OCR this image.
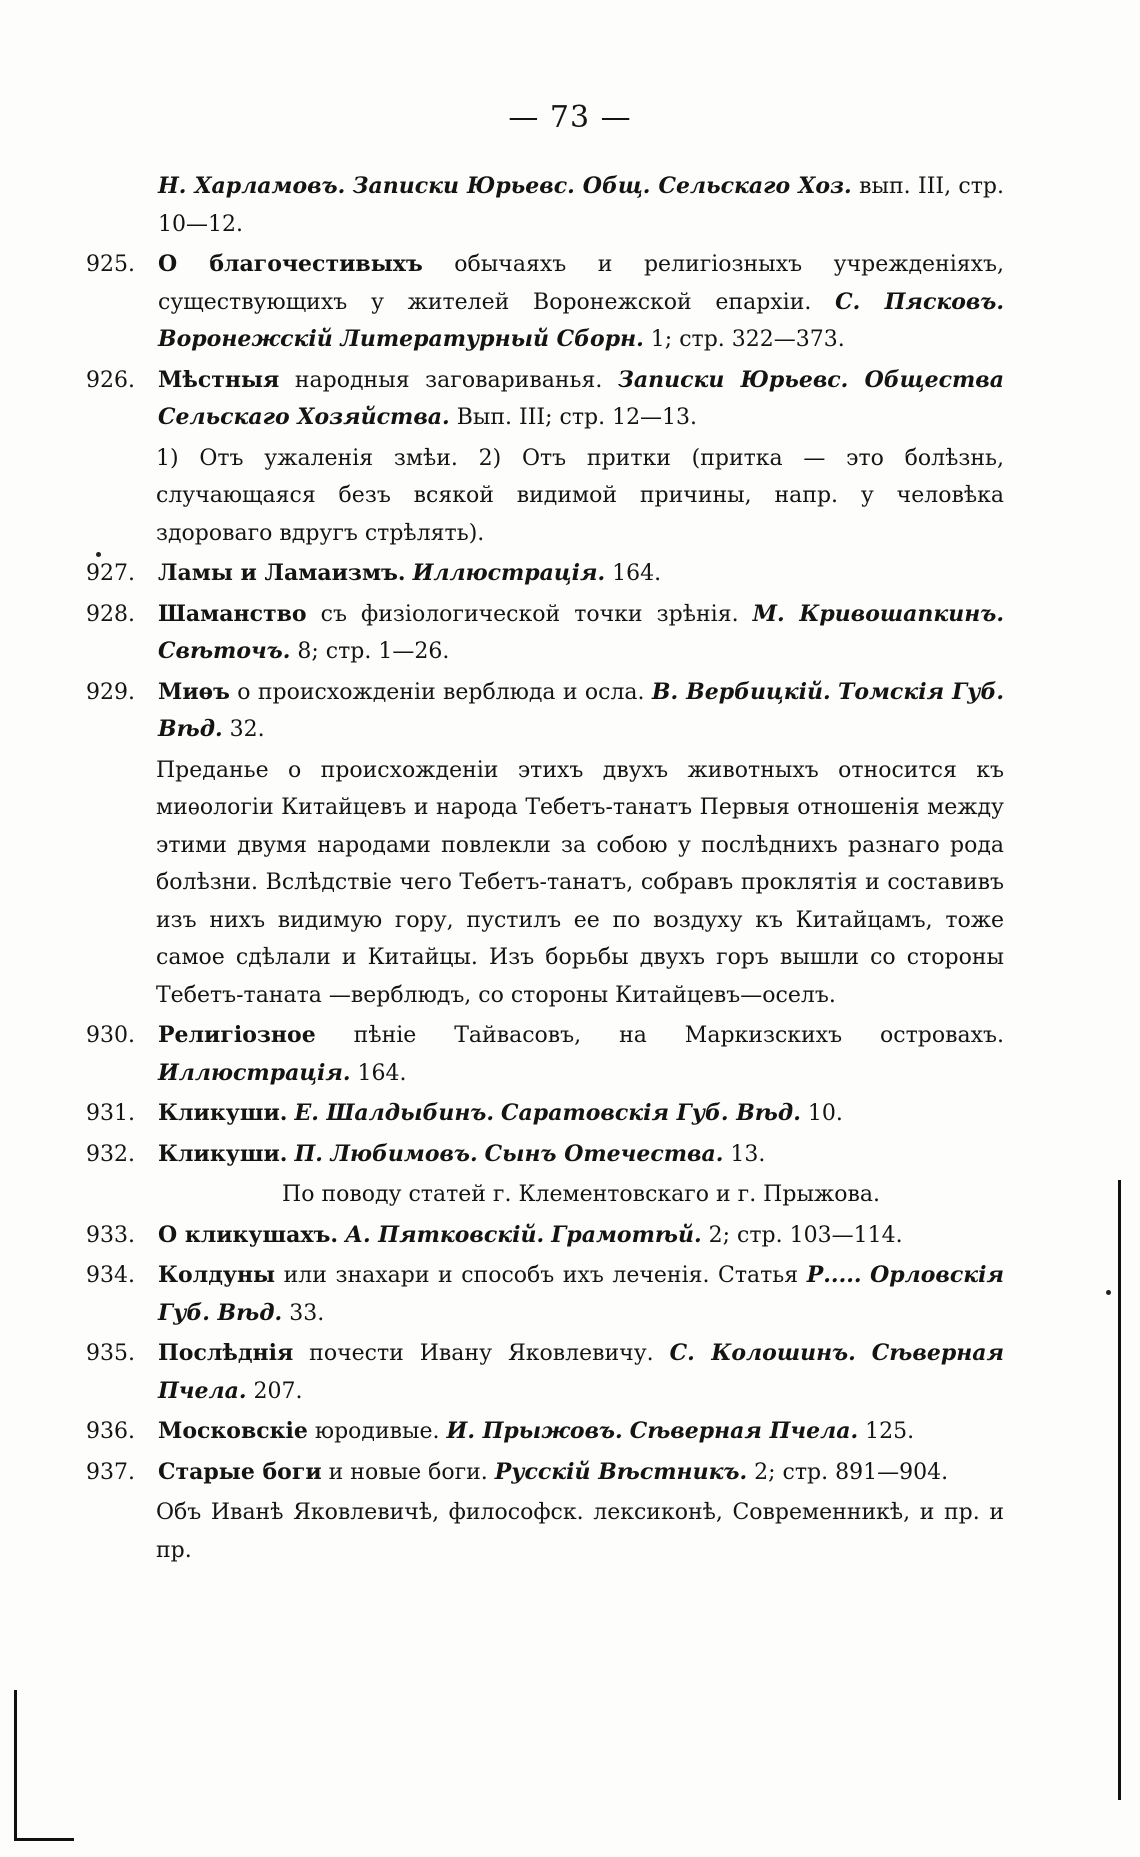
— 73 —
Н. Харламовъ. Записки Юрьевс. Общ. Сельскаго Хоз. вып. III, стр. 10—12.
925.	О благочестивыхъ обычаяхъ и религіозныхъ учрежденіяхъ, существующихъ у жителей Воронежской епархіи. С. Пясковъ. Воронежскій Литературный Сборн. 1; стр. 322—373.
926.	Мѣстныя народныя заговариванья. Записки Юрьевс. Общества Сельскаго Хозяйства. Вып. III; стр. 12—13.
1) Отъ ужаленія змѣи. 2) Отъ притки (притка — это болѣзнь, случающаяся безъ всякой видимой причины, напр. у человѣка здороваго вдругъ стрѣлять).
927.	Ламы и Ламаизмъ. Иллюстрація. 164.
928.	Шаманство съ физіологической точки зрѣнія. М. Кривошапкинъ. Свѣточъ. 8; стр. 1—26.
929.	Миѳъ о происхожденіи верблюда и осла. В. Вербицкій. Томскія Губ. Вѣд. 32.
Преданье о происхожденіи этихъ двухъ животныхъ относится къ миѳологіи Китайцевъ и народа Тебетъ-танатъ Первыя отношенія между этими двумя народами повлекли за собою у послѣднихъ разнаго рода болѣзни. Вслѣдствіе чего Тебетъ-танатъ, собравъ проклятія и составивъ изъ нихъ видимую гору, пустилъ ее по воздуху къ Китайцамъ, тоже самое сдѣлали и Китайцы. Изъ борьбы двухъ горъ вышли со стороны Тебетъ-таната —верблюдъ, со стороны Китайцевъ—оселъ.
930.	Религіозное пѣніе Тайвасовъ, на Маркизскихъ островахъ. Иллюстрація. 164.
931.	Кликуши. Е. Шалдыбинъ. Саратовскія Губ. Вѣд. 10.
932.	Кликуши. П. Любимовъ. Сынъ Отечества. 13.
По поводу статей г. Клементовскаго и г. Прыжова.
933.	О кликушахъ. А. Пятковскій. Грамотѣй. 2; стр. 103—114.
934.	Колдуны или знахари и способъ ихъ леченія. Статья Р..... Орловскія Губ. Вѣд. 33.
935.	Послѣднія почести Ивану Яковлевичу. С. Колошинъ. Сѣверная Пчела. 207.
936.	Московскіе юродивые. И. Прыжовъ. Сѣверная Пчела. 125.
937.	Старые боги и новые боги. Русскій Вѣстникъ. 2; стр. 891—904.
Объ Иванѣ Яковлевичѣ, философск. лексиконѣ, Современникѣ, и пр. и пр.
